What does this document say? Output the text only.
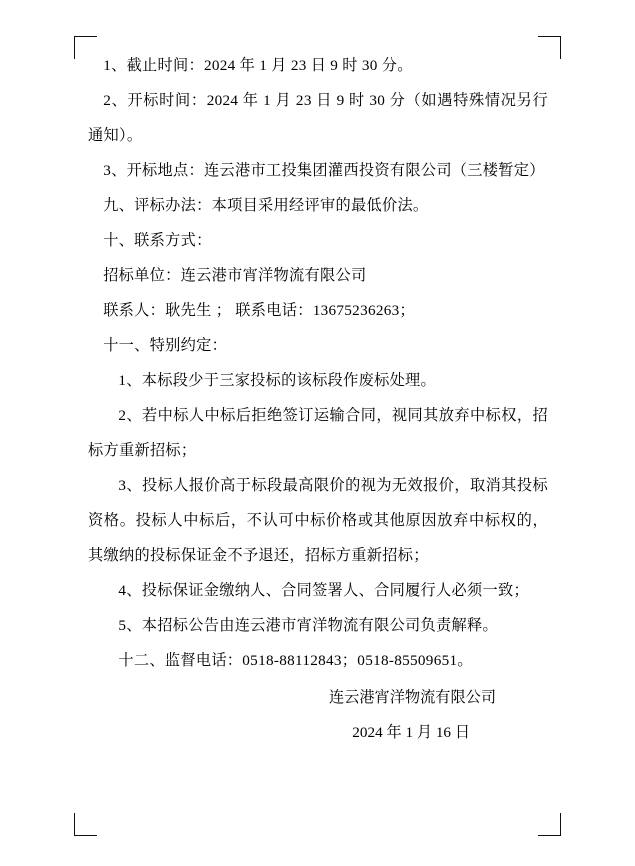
1、截止时间：2024 年 1 月 23 日 9 时 30 分。

2、开标时间：2024 年 1 月 23 日 9 时 30 分（如遇特殊情况另行通知）。

3、开标地点：连云港市工投集团灌西投资有限公司（三楼暂定）

九、评标办法：本项目采用经评审的最低价法。

十、联系方式：

招标单位：连云港市宵洋物流有限公司

联系人：耿先生 ； 联系电话：13675236263；

十一、特别约定：

1、本标段少于三家投标的该标段作废标处理。

2、若中标人中标后拒绝签订运输合同，视同其放弃中标权，招标方重新招标；

3、投标人报价高于标段最高限价的视为无效报价，取消其投标资格。投标人中标后，不认可中标价格或其他原因放弃中标权的，其缴纳的投标保证金不予退还，招标方重新招标；

4、投标保证金缴纳人、合同签署人、合同履行人必须一致；

5、本招标公告由连云港市宵洋物流有限公司负责解释。

十二、监督电话：0518-88112843；0518-85509651。

连云港宵洋物流有限公司

2024 年 1 月 16 日
